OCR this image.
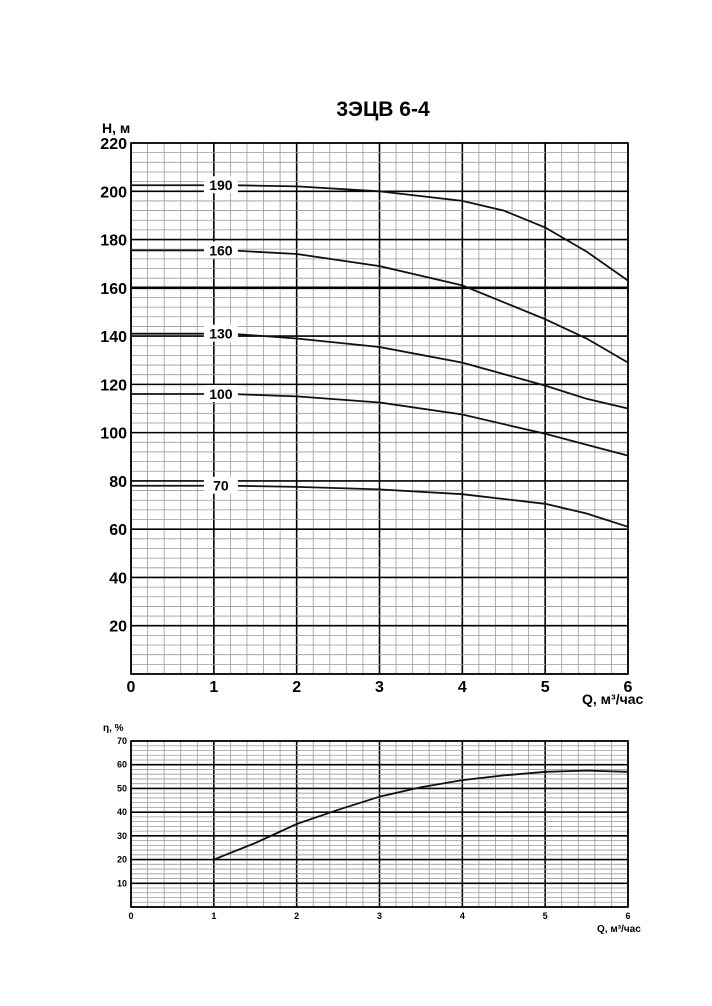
3ЭЦВ 6-4
190
160
130
100
70
0	1	2	3	4	5	6
20
40
60
80
100
120
140
160
180
200
220
H, м
Q, м³/час
0	1	2	3	4	5	6
10
20
30
40
50
60
70
η, %
Q, м³/час
